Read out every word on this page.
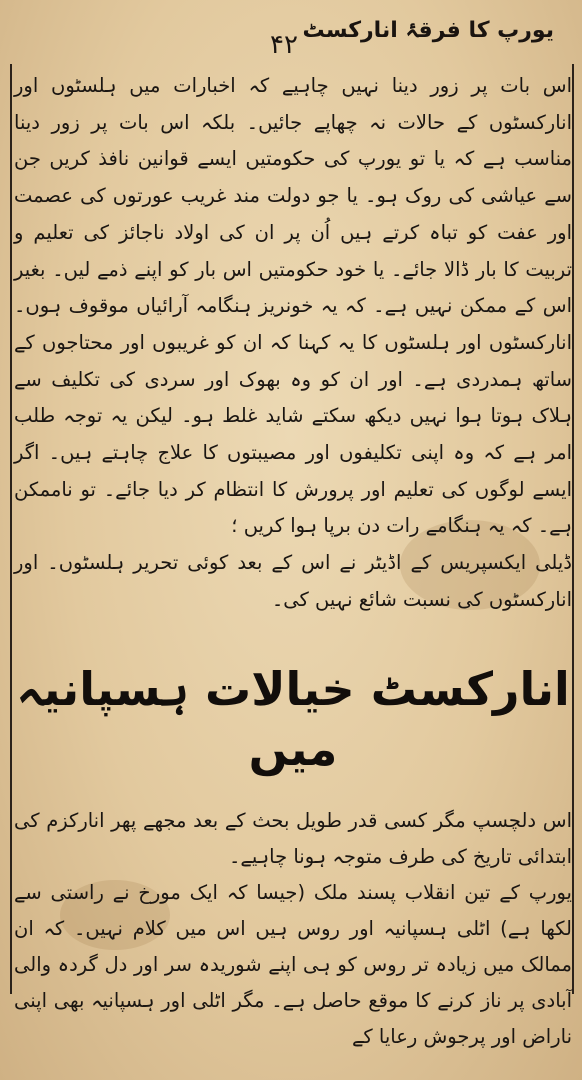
یورپ کا فرقۂ انارکسٹ
۴۲

اس بات پر زور دینا نہیں چاہیے کہ اخبارات میں ہلسٹوں اور انارکسٹوں کے حالات نہ چھاپے جائیں۔ بلکہ اس بات پر زور دینا مناسب ہے کہ یا تو یورپ کی حکومتیں ایسے قوانین نافذ کریں جن سے عیاشی کی روک ہو۔ یا جو دولت مند غریب عورتوں کی عصمت اور عفت کو تباہ کرتے ہیں اُن پر ان کی اولاد ناجائز کی تعلیم و تربیت کا بار ڈالا جائے۔ یا خود حکومتیں اس بار کو اپنے ذمے لیں۔ بغیر اس کے ممکن نہیں ہے۔ کہ یہ خونریز ہنگامہ آرائیاں موقوف ہوں۔ انارکسٹوں اور ہلسٹوں کا یہ کہنا کہ ان کو غریبوں اور محتاجوں کے ساتھ ہمدردی ہے۔ اور ان کو وہ بھوک اور سردی کی تکلیف سے ہلاک ہوتا ہوا نہیں دیکھ سکتے شاید غلط ہو۔ لیکن یہ توجہ طلب امر ہے کہ وہ اپنی تکلیفوں اور مصیبتوں کا علاج چاہتے ہیں۔ اگر ایسے لوگوں کی تعلیم اور پرورش کا انتظام کر دیا جائے۔ تو ناممکن ہے۔ کہ یہ ہنگامے رات دن برپا ہوا کریں ؛

ڈیلی ایکسپریس کے اڈیٹر نے اس کے بعد کوئی تحریر ہلسٹوں۔ اور انارکسٹوں کی نسبت شائع نہیں کی۔

انارکسٹ خیالات ہسپانیہ میں

اس دلچسپ مگر کسی قدر طویل بحث کے بعد مجھے پھر انارکزم کی ابتدائی تاریخ کی طرف متوجہ ہونا چاہیے۔

یورپ کے تین انقلاب پسند ملک (جیسا کہ ایک مورخ نے راستی سے لکھا ہے) اٹلی ہسپانیہ اور روس ہیں اس میں کلام نہیں۔ کہ ان ممالک میں زیادہ تر روس کو ہی اپنے شوریدہ سر اور دل گردہ والی آبادی پر ناز کرنے کا موقع حاصل ہے۔ مگر اٹلی اور ہسپانیہ بھی اپنی ناراض اور پرجوش رعایا کے
